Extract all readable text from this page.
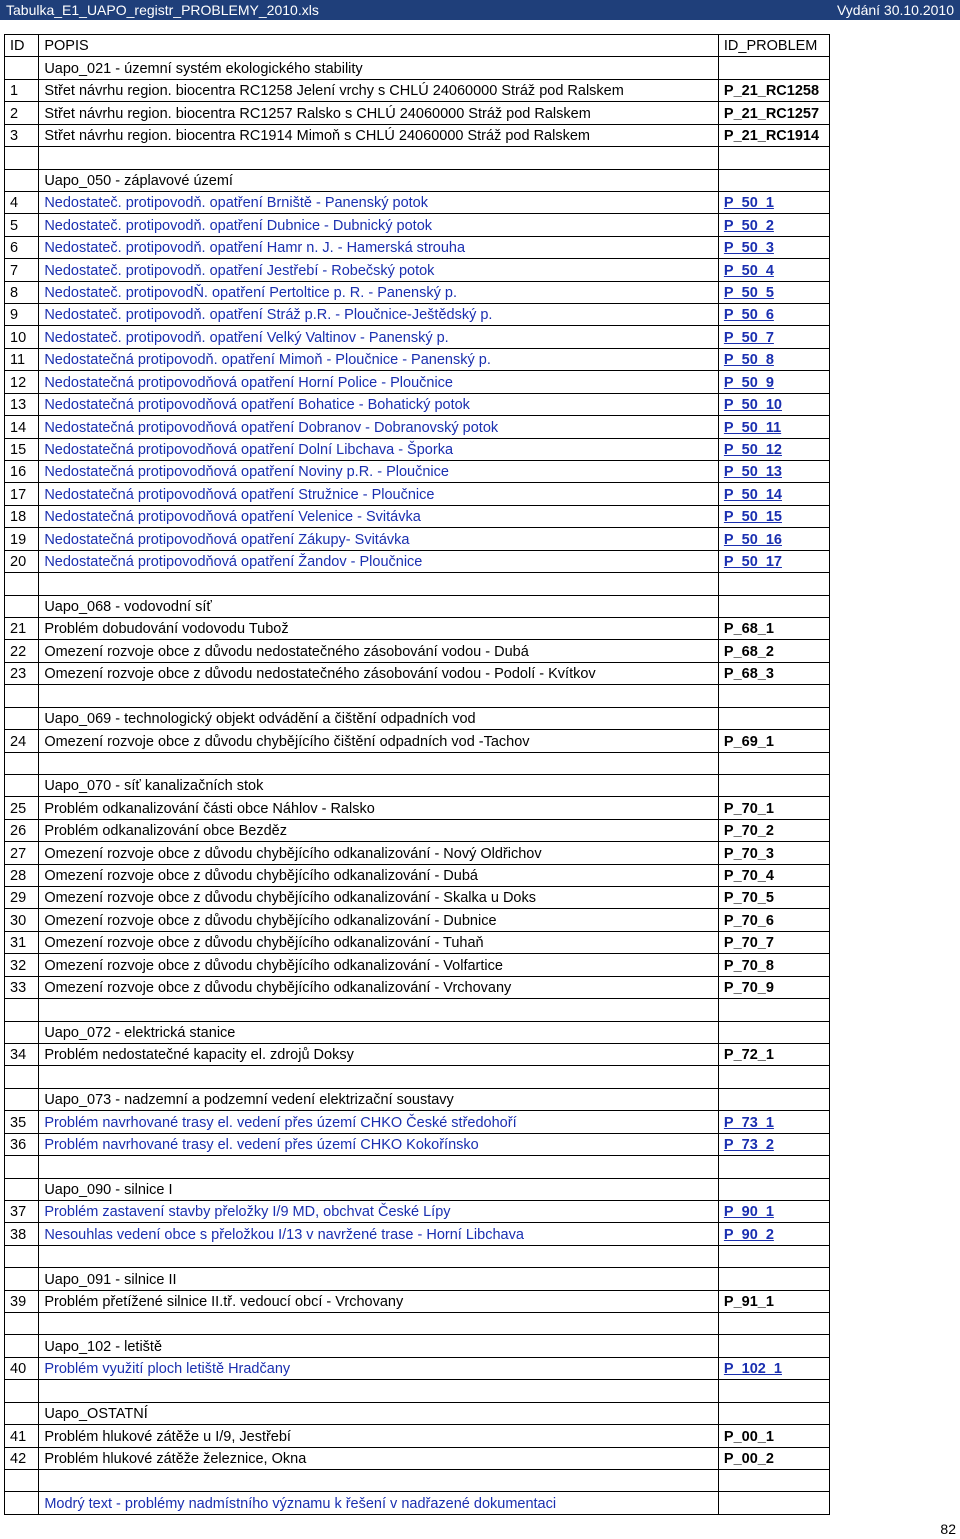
Tabulka_E1_UAPO_registr_PROBLEMY_2010.xls	Vydání 30.10.2010
ID	POPIS	ID_PROBLEM
	Uapo_021 - územní systém ekologického stability	
1	Střet návrhu region. biocentra RC1258 Jelení vrchy s CHLÚ 24060000 Stráž pod Ralskem	P_21_RC1258
2	Střet návrhu region. biocentra RC1257 Ralsko s CHLÚ 24060000 Stráž pod Ralskem	P_21_RC1257
3	Střet návrhu region. biocentra RC1914 Mimoň s CHLÚ 24060000 Stráž pod Ralskem	P_21_RC1914

	Uapo_050 - záplavové území	
4	Nedostateč. protipovodň. opatření Brniště - Panenský potok	P_50_1
5	Nedostateč. protipovodň. opatření Dubnice - Dubnický potok	P_50_2
6	Nedostateč. protipovodň. opatření Hamr n. J. - Hamerská strouha	P_50_3
7	Nedostateč. protipovodň. opatření Jestřebí - Robečský potok	P_50_4
8	Nedostateč. protipovodŇ. opatření Pertoltice p. R. - Panenský p.	P_50_5
9	Nedostateč. protipovodň. opatření Stráž p.R. - Ploučnice-Ještědský p.	P_50_6
10	Nedostateč. protipovodň. opatření Velký Valtinov - Panenský p.	P_50_7
11	Nedostatečná protipovodň. opatření Mimoň - Ploučnice - Panenský p.	P_50_8
12	Nedostatečná protipovodňová opatření Horní Police - Ploučnice	P_50_9
13	Nedostatečná protipovodňová opatření Bohatice - Bohatický potok	P_50_10
14	Nedostatečná protipovodňová opatření Dobranov - Dobranovský potok	P_50_11
15	Nedostatečná protipovodňová opatření Dolní Libchava - Šporka	P_50_12
16	Nedostatečná protipovodňová opatření Noviny p.R. - Ploučnice	P_50_13
17	Nedostatečná protipovodňová opatření Stružnice - Ploučnice	P_50_14
18	Nedostatečná protipovodňová opatření Velenice - Svitávka	P_50_15
19	Nedostatečná protipovodňová opatření Zákupy- Svitávka	P_50_16
20	Nedostatečná protipovodňová opatření Žandov - Ploučnice	P_50_17

	Uapo_068 - vodovodní síť	
21	Problém dobudování vodovodu Tubož	P_68_1
22	Omezení rozvoje obce z důvodu nedostatečného zásobování vodou - Dubá	P_68_2
23	Omezení rozvoje obce z důvodu nedostatečného zásobování vodou - Podolí - Kvítkov	P_68_3

	Uapo_069 - technologický objekt odvádění a čištění odpadních vod	
24	Omezení rozvoje obce z důvodu chybějícího čištění odpadních vod -Tachov	P_69_1

	Uapo_070 - síť kanalizačních stok	
25	Problém odkanalizování části obce Náhlov - Ralsko	P_70_1
26	Problém odkanalizování obce Bezděz	P_70_2
27	Omezení rozvoje obce z důvodu chybějícího odkanalizování - Nový Oldřichov	P_70_3
28	Omezení rozvoje obce z důvodu chybějícího odkanalizování - Dubá	P_70_4
29	Omezení rozvoje obce z důvodu chybějícího odkanalizování - Skalka u Doks	P_70_5
30	Omezení rozvoje obce z důvodu chybějícího odkanalizování - Dubnice	P_70_6
31	Omezení rozvoje obce z důvodu chybějícího odkanalizování - Tuhaň	P_70_7
32	Omezení rozvoje obce z důvodu chybějícího odkanalizování - Volfartice	P_70_8
33	Omezení rozvoje obce z důvodu chybějícího odkanalizování - Vrchovany	P_70_9

	Uapo_072 - elektrická stanice	
34	Problém nedostatečné kapacity el. zdrojů Doksy	P_72_1

	Uapo_073 - nadzemní a podzemní vedení elektrizační soustavy	
35	Problém navrhované trasy el. vedení přes území CHKO České středohoří	P_73_1
36	Problém navrhované trasy el. vedení přes území CHKO Kokořínsko	P_73_2

	Uapo_090 - silnice I	
37	Problém zastavení stavby přeložky I/9 MD, obchvat České Lípy	P_90_1
38	Nesouhlas vedení obce s přeložkou I/13 v navržené trase - Horní Libchava	P_90_2

	Uapo_091 - silnice II	
39	Problém přetížené silnice II.tř. vedoucí obcí - Vrchovany	P_91_1

	Uapo_102 - letiště	
40	Problém využití ploch letiště Hradčany	P_102_1

	Uapo_OSTATNÍ	
41	Problém hlukové zátěže u I/9, Jestřebí	P_00_1
42	Problém hlukové zátěže železnice, Okna	P_00_2

	Modrý text - problémy nadmístního významu k řešení v nadřazené dokumentaci	
82
